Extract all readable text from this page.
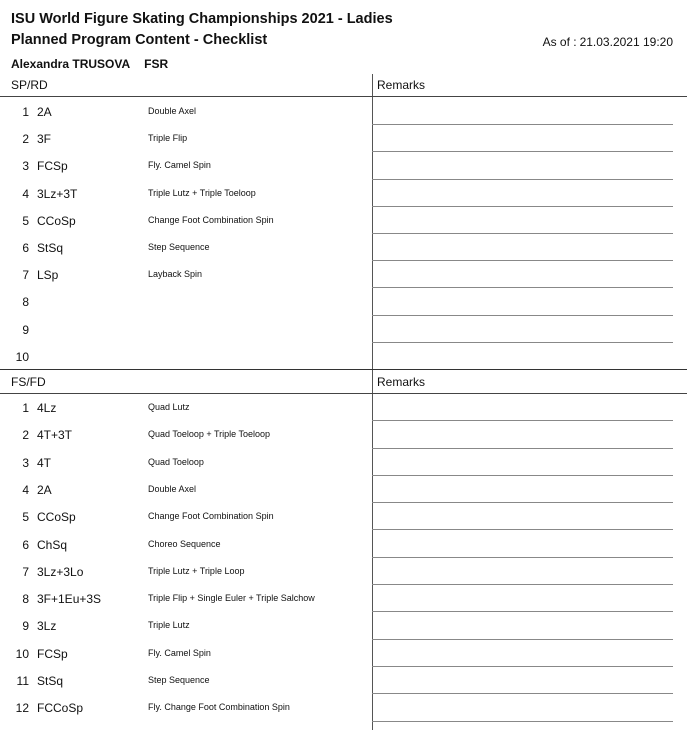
ISU World Figure Skating Championships 2021 - Ladies
Planned Program Content - Checklist	As of : 21.03.2021 19:20
Alexandra TRUSOVA FSR
SP/RD	Remarks
1 2A	Double Axel
2 3F	Triple Flip
3 FCSp	Fly. Camel Spin
4 3Lz+3T	Triple Lutz + Triple Toeloop
5 CCoSp	Change Foot Combination Spin
6 StSq	Step Sequence
7 LSp	Layback Spin
8
9
10
FS/FD	Remarks
1 4Lz	Quad Lutz
2 4T+3T	Quad Toeloop + Triple Toeloop
3 4T	Quad Toeloop
4 2A	Double Axel
5 CCoSp	Change Foot Combination Spin
6 ChSq	Choreo Sequence
7 3Lz+3Lo	Triple Lutz + Triple Loop
8 3F+1Eu+3S	Triple Flip + Single Euler + Triple Salchow
9 3Lz	Triple Lutz
10 FCSp	Fly. Camel Spin
11 StSq	Step Sequence
12 FCCoSp	Fly. Change Foot Combination Spin
